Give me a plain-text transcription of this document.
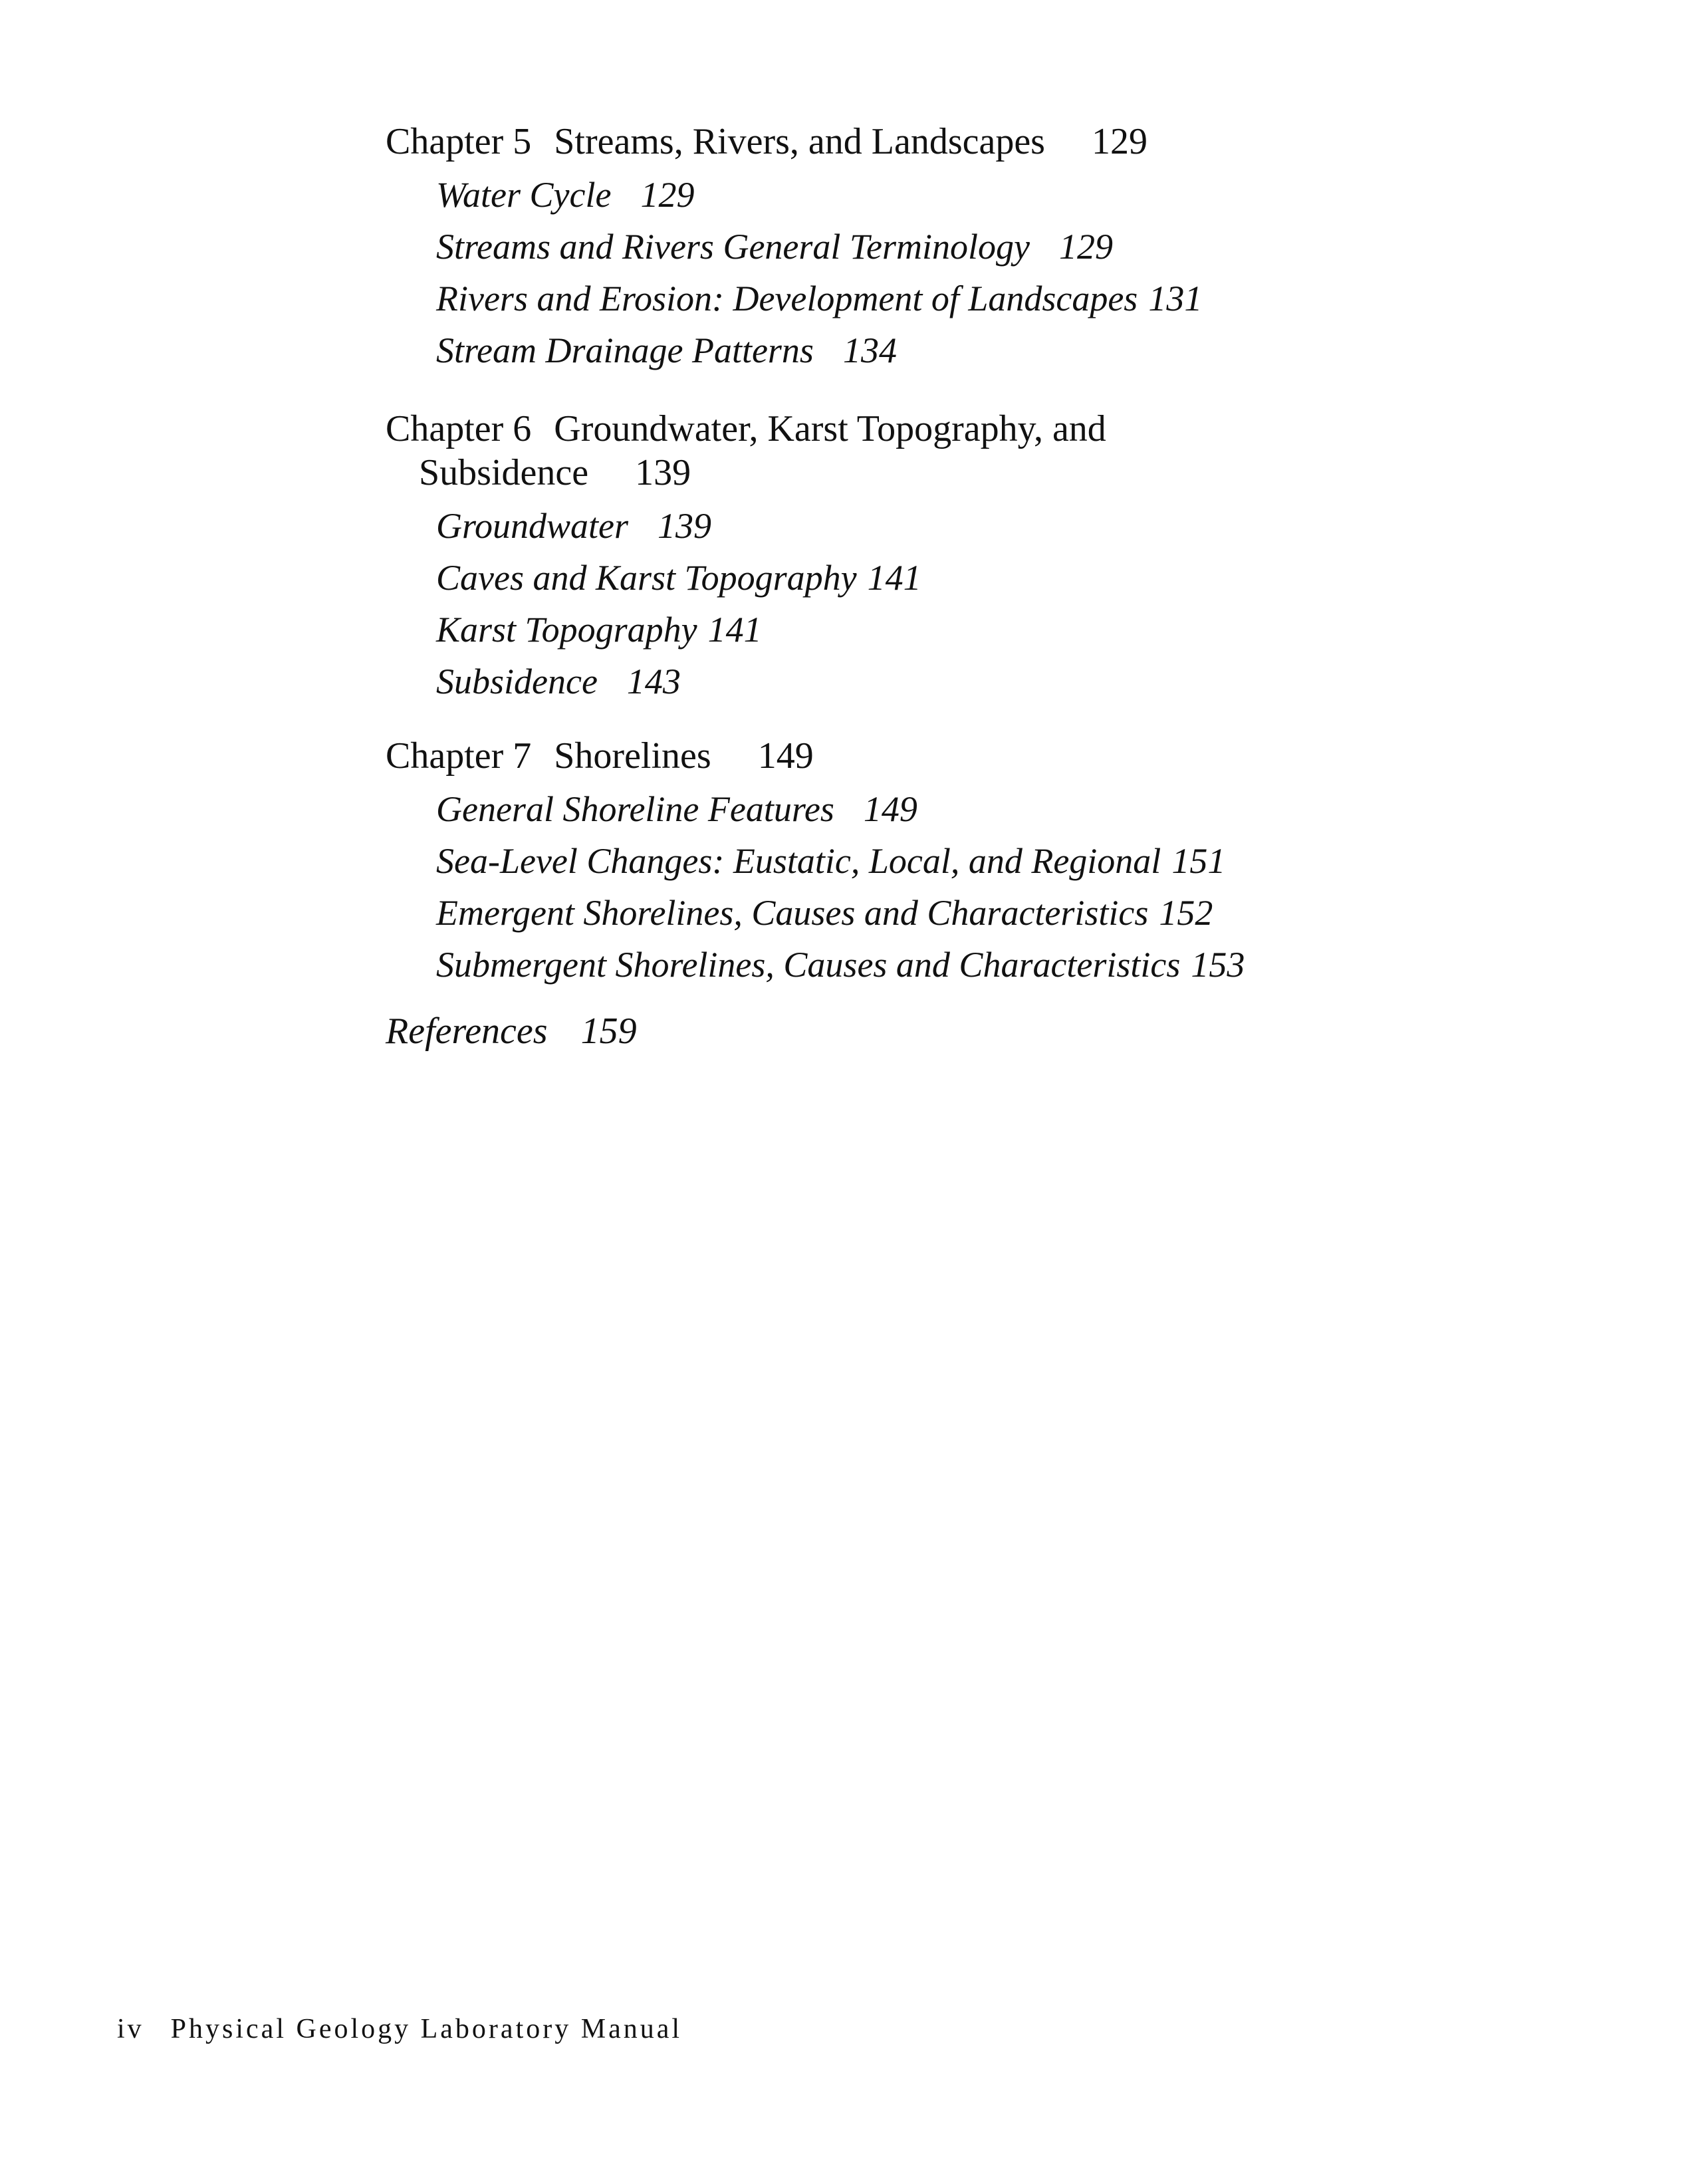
Chapter 5 Streams, Rivers, and Landscapes 129
Water Cycle 129
Streams and Rivers General Terminology 129
Rivers and Erosion: Development of Landscapes 131
Stream Drainage Patterns 134
Chapter 6 Groundwater, Karst Topography, and
Subsidence 139
Groundwater 139
Caves and Karst Topography 141
Karst Topography 141
Subsidence 143
Chapter 7 Shorelines 149
General Shoreline Features 149
Sea-Level Changes: Eustatic, Local, and Regional 151
Emergent Shorelines, Causes and Characteristics 152
Submergent Shorelines, Causes and Characteristics 153
References 159
iv Physical Geology Laboratory Manual
